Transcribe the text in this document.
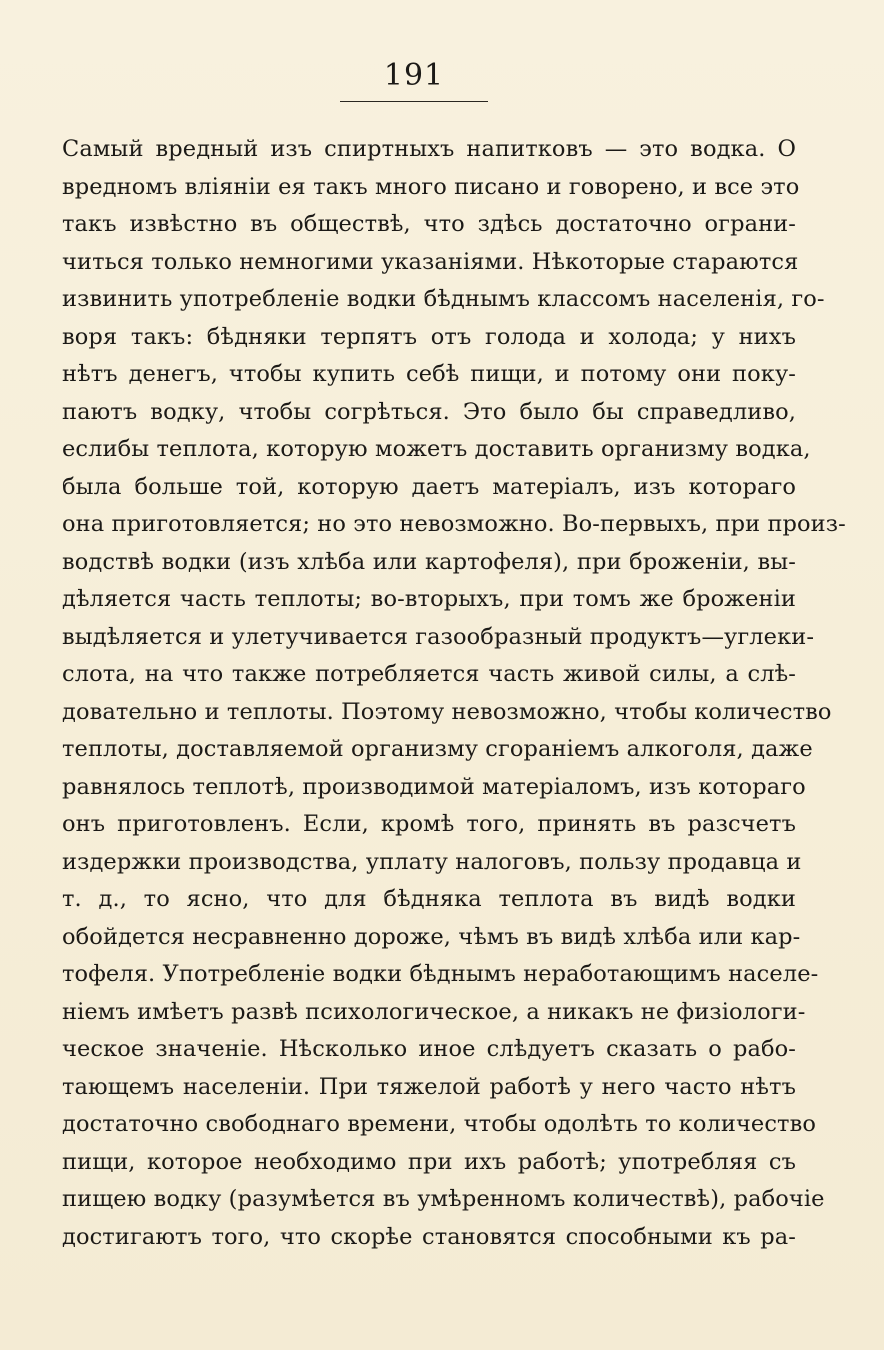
191
Самый вредный изъ спиртныхъ напитковъ — это водка. О
вредномъ вліяніи ея такъ много писано и говорено, и все это
такъ извѣстно въ обществѣ, что здѣсь достаточно ограни-
читься только немногими указаніями. Нѣкоторые стараются
извинить употребленіе водки бѣднымъ классомъ населенія, го-
воря такъ: бѣдняки терпятъ отъ голода и холода; у нихъ
нѣтъ денегъ, чтобы купить себѣ пищи, и потому они поку-
паютъ водку, чтобы согрѣться. Это было бы справедливо,
еслибы теплота, которую можетъ доставить организму водка,
была больше той, которую даетъ матеріалъ, изъ котораго
она приготовляется; но это невозможно. Во-первыхъ, при произ-
водствѣ водки (изъ хлѣба или картофеля), при броженіи, вы-
дѣляется часть теплоты; во-вторыхъ, при томъ же броженіи
выдѣляется и улетучивается газообразный продуктъ—углеки-
слота, на что также потребляется часть живой силы, а слѣ-
довательно и теплоты. Поэтому невозможно, чтобы количество
теплоты, доставляемой организму сгораніемъ алкоголя, даже
равнялось теплотѣ, производимой матеріаломъ, изъ котораго
онъ приготовленъ. Если, кромѣ того, принять въ разсчетъ
издержки производства, уплату налоговъ, пользу продавца и
т. д., то ясно, что для бѣдняка теплота въ видѣ водки
обойдется несравненно дороже, чѣмъ въ видѣ хлѣба или кар-
тофеля. Употребленіе водки бѣднымъ неработающимъ населе-
ніемъ имѣетъ развѣ психологическое, а никакъ не физіологи-
ческое значеніе. Нѣсколько иное слѣдуетъ сказать о рабо-
тающемъ населеніи. При тяжелой работѣ у него часто нѣтъ
достаточно свободнаго времени, чтобы одолѣть то количество
пищи, которое необходимо при ихъ работѣ; употребляя съ
пищею водку (разумѣется въ умѣренномъ количествѣ), рабочіе
достигаютъ того, что скорѣе становятся способными къ ра-
